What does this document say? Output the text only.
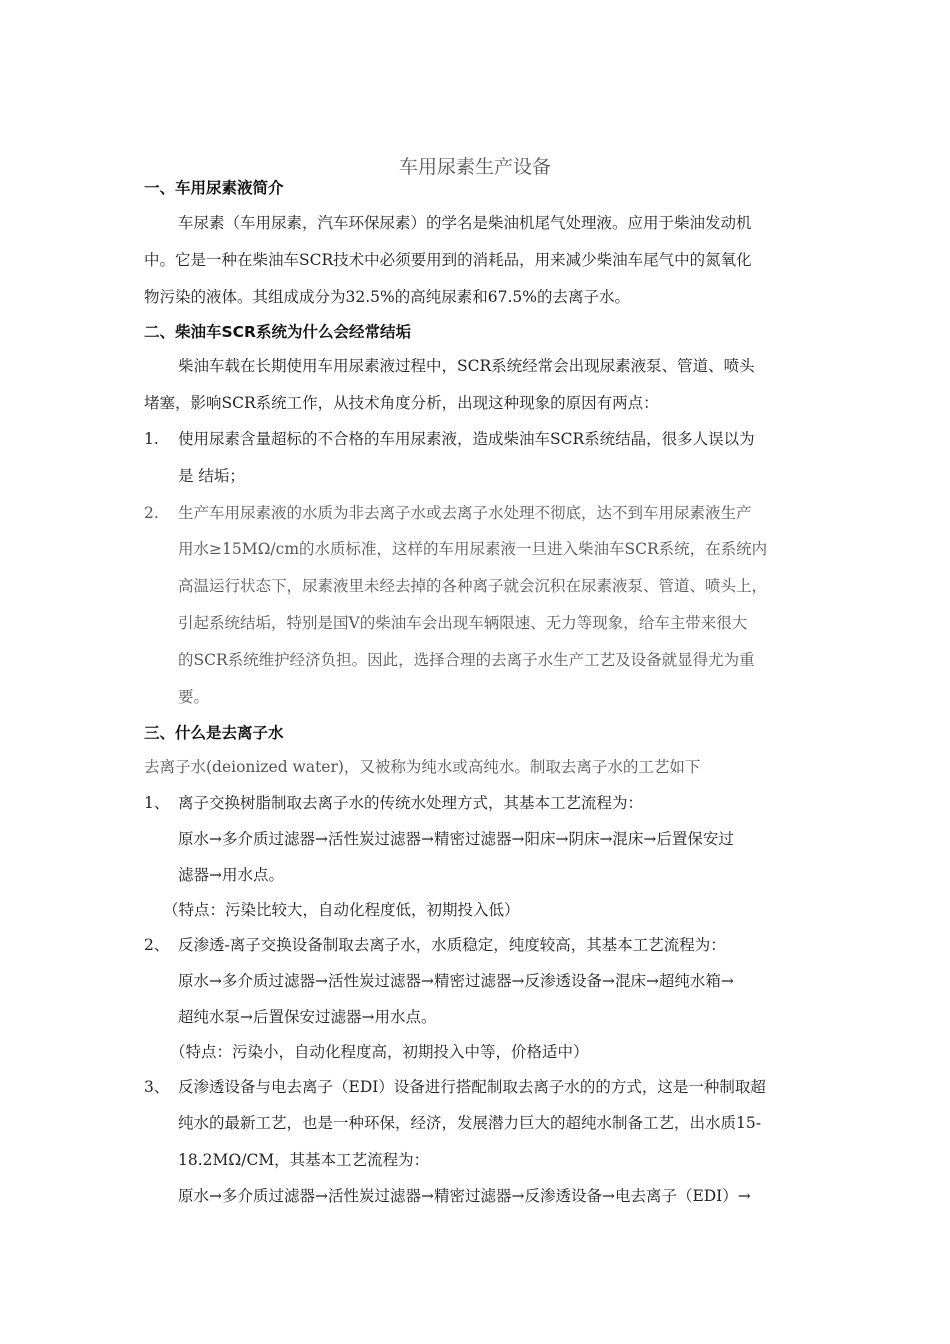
车用尿素生产设备
一、车用尿素液简介
车尿素（车用尿素，汽车环保尿素）的学名是柴油机尾气处理液。应用于柴油发动机
中。它是一种在柴油车SCR技术中必须要用到的消耗品，用来减少柴油车尾气中的氮氧化
物污染的液体。其组成成分为32.5%的高纯尿素和67.5%的去离子水。
二、柴油车SCR系统为什么会经常结垢
柴油车载在长期使用车用尿素液过程中，SCR系统经常会出现尿素液泵、管道、喷头
堵塞，影响SCR系统工作，从技术角度分析，出现这种现象的原因有两点：
1. 使用尿素含量超标的不合格的车用尿素液，造成柴油车SCR系统结晶，很多人误以为
是 结垢；
2. 生产车用尿素液的水质为非去离子水或去离子水处理不彻底，达不到车用尿素液生产
用水≥15MΩ/cm的水质标准，这样的车用尿素液一旦进入柴油车SCR系统，在系统内
高温运行状态下，尿素液里未经去掉的各种离子就会沉积在尿素液泵、管道、喷头上，
引起系统结垢，特别是国Ⅴ的柴油车会出现车辆限速、无力等现象，给车主带来很大
的SCR系统维护经济负担。因此，选择合理的去离子水生产工艺及设备就显得尤为重
要。
三、什么是去离子水
去离子水(deionized water)，又被称为纯水或高纯水。制取去离子水的工艺如下
1、 离子交换树脂制取去离子水的传统水处理方式，其基本工艺流程为：
原水→多介质过滤器→活性炭过滤器→精密过滤器→阳床→阴床→混床→后置保安过
滤器→用水点。
（特点：污染比较大，自动化程度低，初期投入低）
2、 反渗透-离子交换设备制取去离子水，水质稳定，纯度较高，其基本工艺流程为：
原水→多介质过滤器→活性炭过滤器→精密过滤器→反渗透设备→混床→超纯水箱→
超纯水泵→后置保安过滤器→用水点。
（特点：污染小，自动化程度高，初期投入中等，价格适中）
3、 反渗透设备与电去离子（EDI）设备进行搭配制取去离子水的的方式，这是一种制取超
纯水的最新工艺，也是一种环保，经济，发展潜力巨大的超纯水制备工艺，出水质15-
18.2MΩ/CM，其基本工艺流程为：
原水→多介质过滤器→活性炭过滤器→精密过滤器→反渗透设备→电去离子（EDI）→
